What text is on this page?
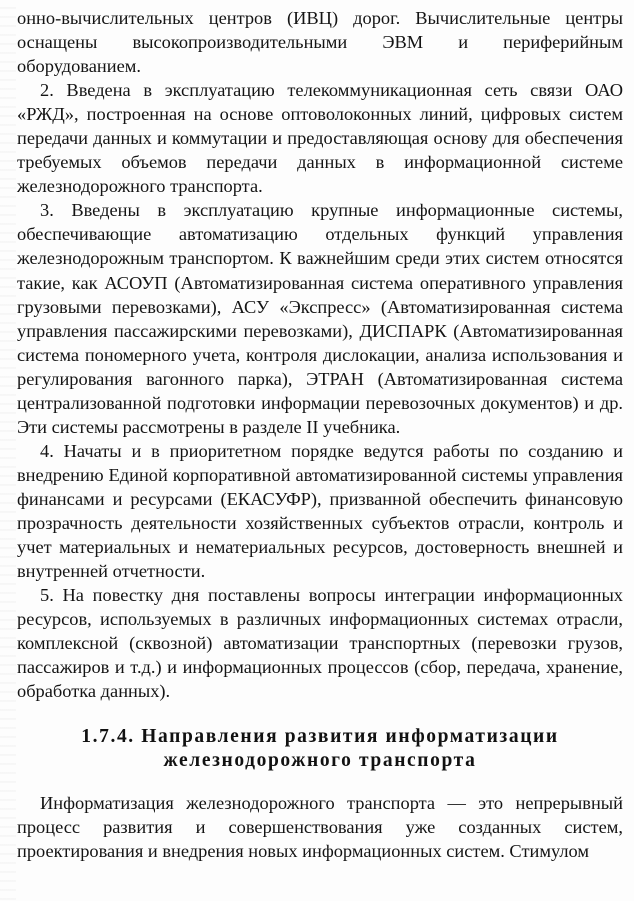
онно-вычислительных центров (ИВЦ) дорог. Вычислительные центры оснащены высокопроизводительными ЭВМ и периферийным оборудованием.

2. Введена в эксплуатацию телекоммуникационная сеть связи ОАО «РЖД», построенная на основе оптоволоконных линий, цифровых систем передачи данных и коммутации и предоставляющая основу для обеспечения требуемых объемов передачи данных в информационной системе железнодорожного транспорта.

3. Введены в эксплуатацию крупные информационные системы, обеспечивающие автоматизацию отдельных функций управления железнодорожным транспортом. К важнейшим среди этих систем относятся такие, как АСОУП (Автоматизированная система оперативного управления грузовыми перевозками), АСУ «Экспресс» (Автоматизированная система управления пассажирскими перевозками), ДИСПАРК (Автоматизированная система пономерного учета, контроля дислокации, анализа использования и регулирования вагонного парка), ЭТРАН (Автоматизированная система централизованной подготовки информации перевозочных документов) и др. Эти системы рассмотрены в разделе II учебника.

4. Начаты и в приоритетном порядке ведутся работы по созданию и внедрению Единой корпоративной автоматизированной системы управления финансами и ресурсами (ЕКАСУФР), призванной обеспечить финансовую прозрачность деятельности хозяйственных субъектов отрасли, контроль и учет материальных и нематериальных ресурсов, достоверность внешней и внутренней отчетности.

5. На повестку дня поставлены вопросы интеграции информационных ресурсов, используемых в различных информационных системах отрасли, комплексной (сквозной) автоматизации транспортных (перевозки грузов, пассажиров и т.д.) и информационных процессов (сбор, передача, хранение, обработка данных).

1.7.4. Направления развития информатизации
железнодорожного транспорта

Информатизация железнодорожного транспорта — это непрерывный процесс развития и совершенствования уже созданных систем, проектирования и внедрения новых информационных систем. Стимулом
